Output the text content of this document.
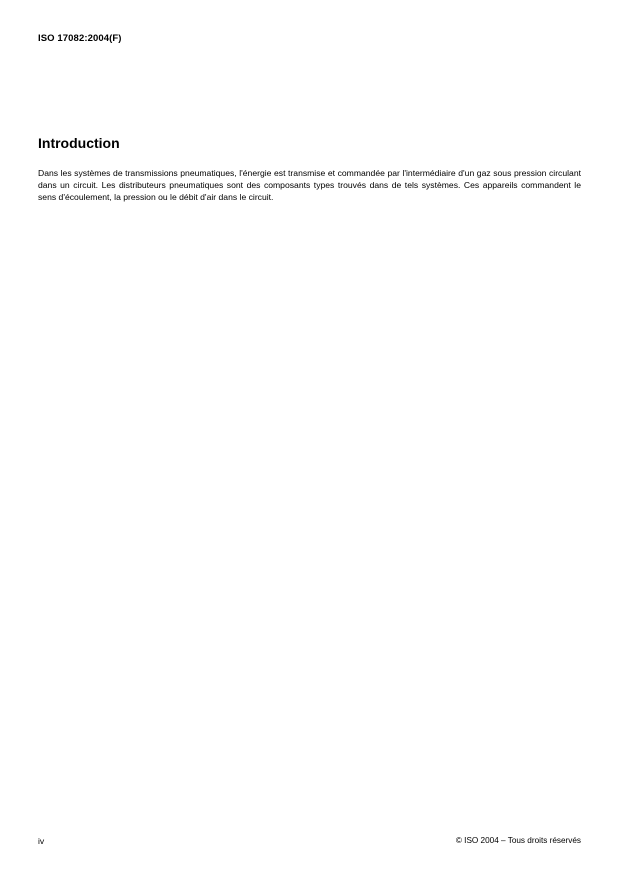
ISO 17082:2004(F)
Introduction
Dans les systèmes de transmissions pneumatiques, l'énergie est transmise et commandée par l'intermédiaire d'un gaz sous pression circulant dans un circuit. Les distributeurs pneumatiques sont des composants types trouvés dans de tels systèmes. Ces appareils commandent le sens d'écoulement, la pression ou le débit d'air dans le circuit.
iv	© ISO 2004 – Tous droits réservés
